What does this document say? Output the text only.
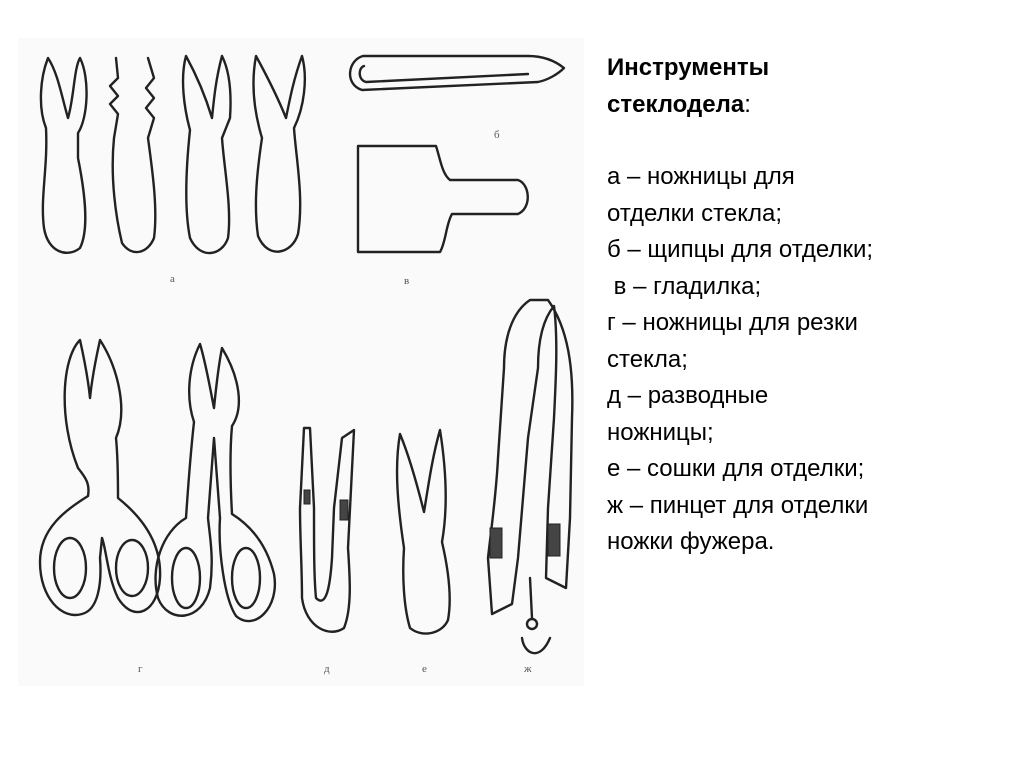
а
б
в
г	д	е	ж
Инструменты
стеклодела:
а – ножницы для
отделки стекла;
б – щипцы для отделки;
в – гладилка;
г – ножницы для резки
стекла;
д – разводные
ножницы;
е – сошки для отделки;
ж – пинцет для отделки
ножки фужера.
